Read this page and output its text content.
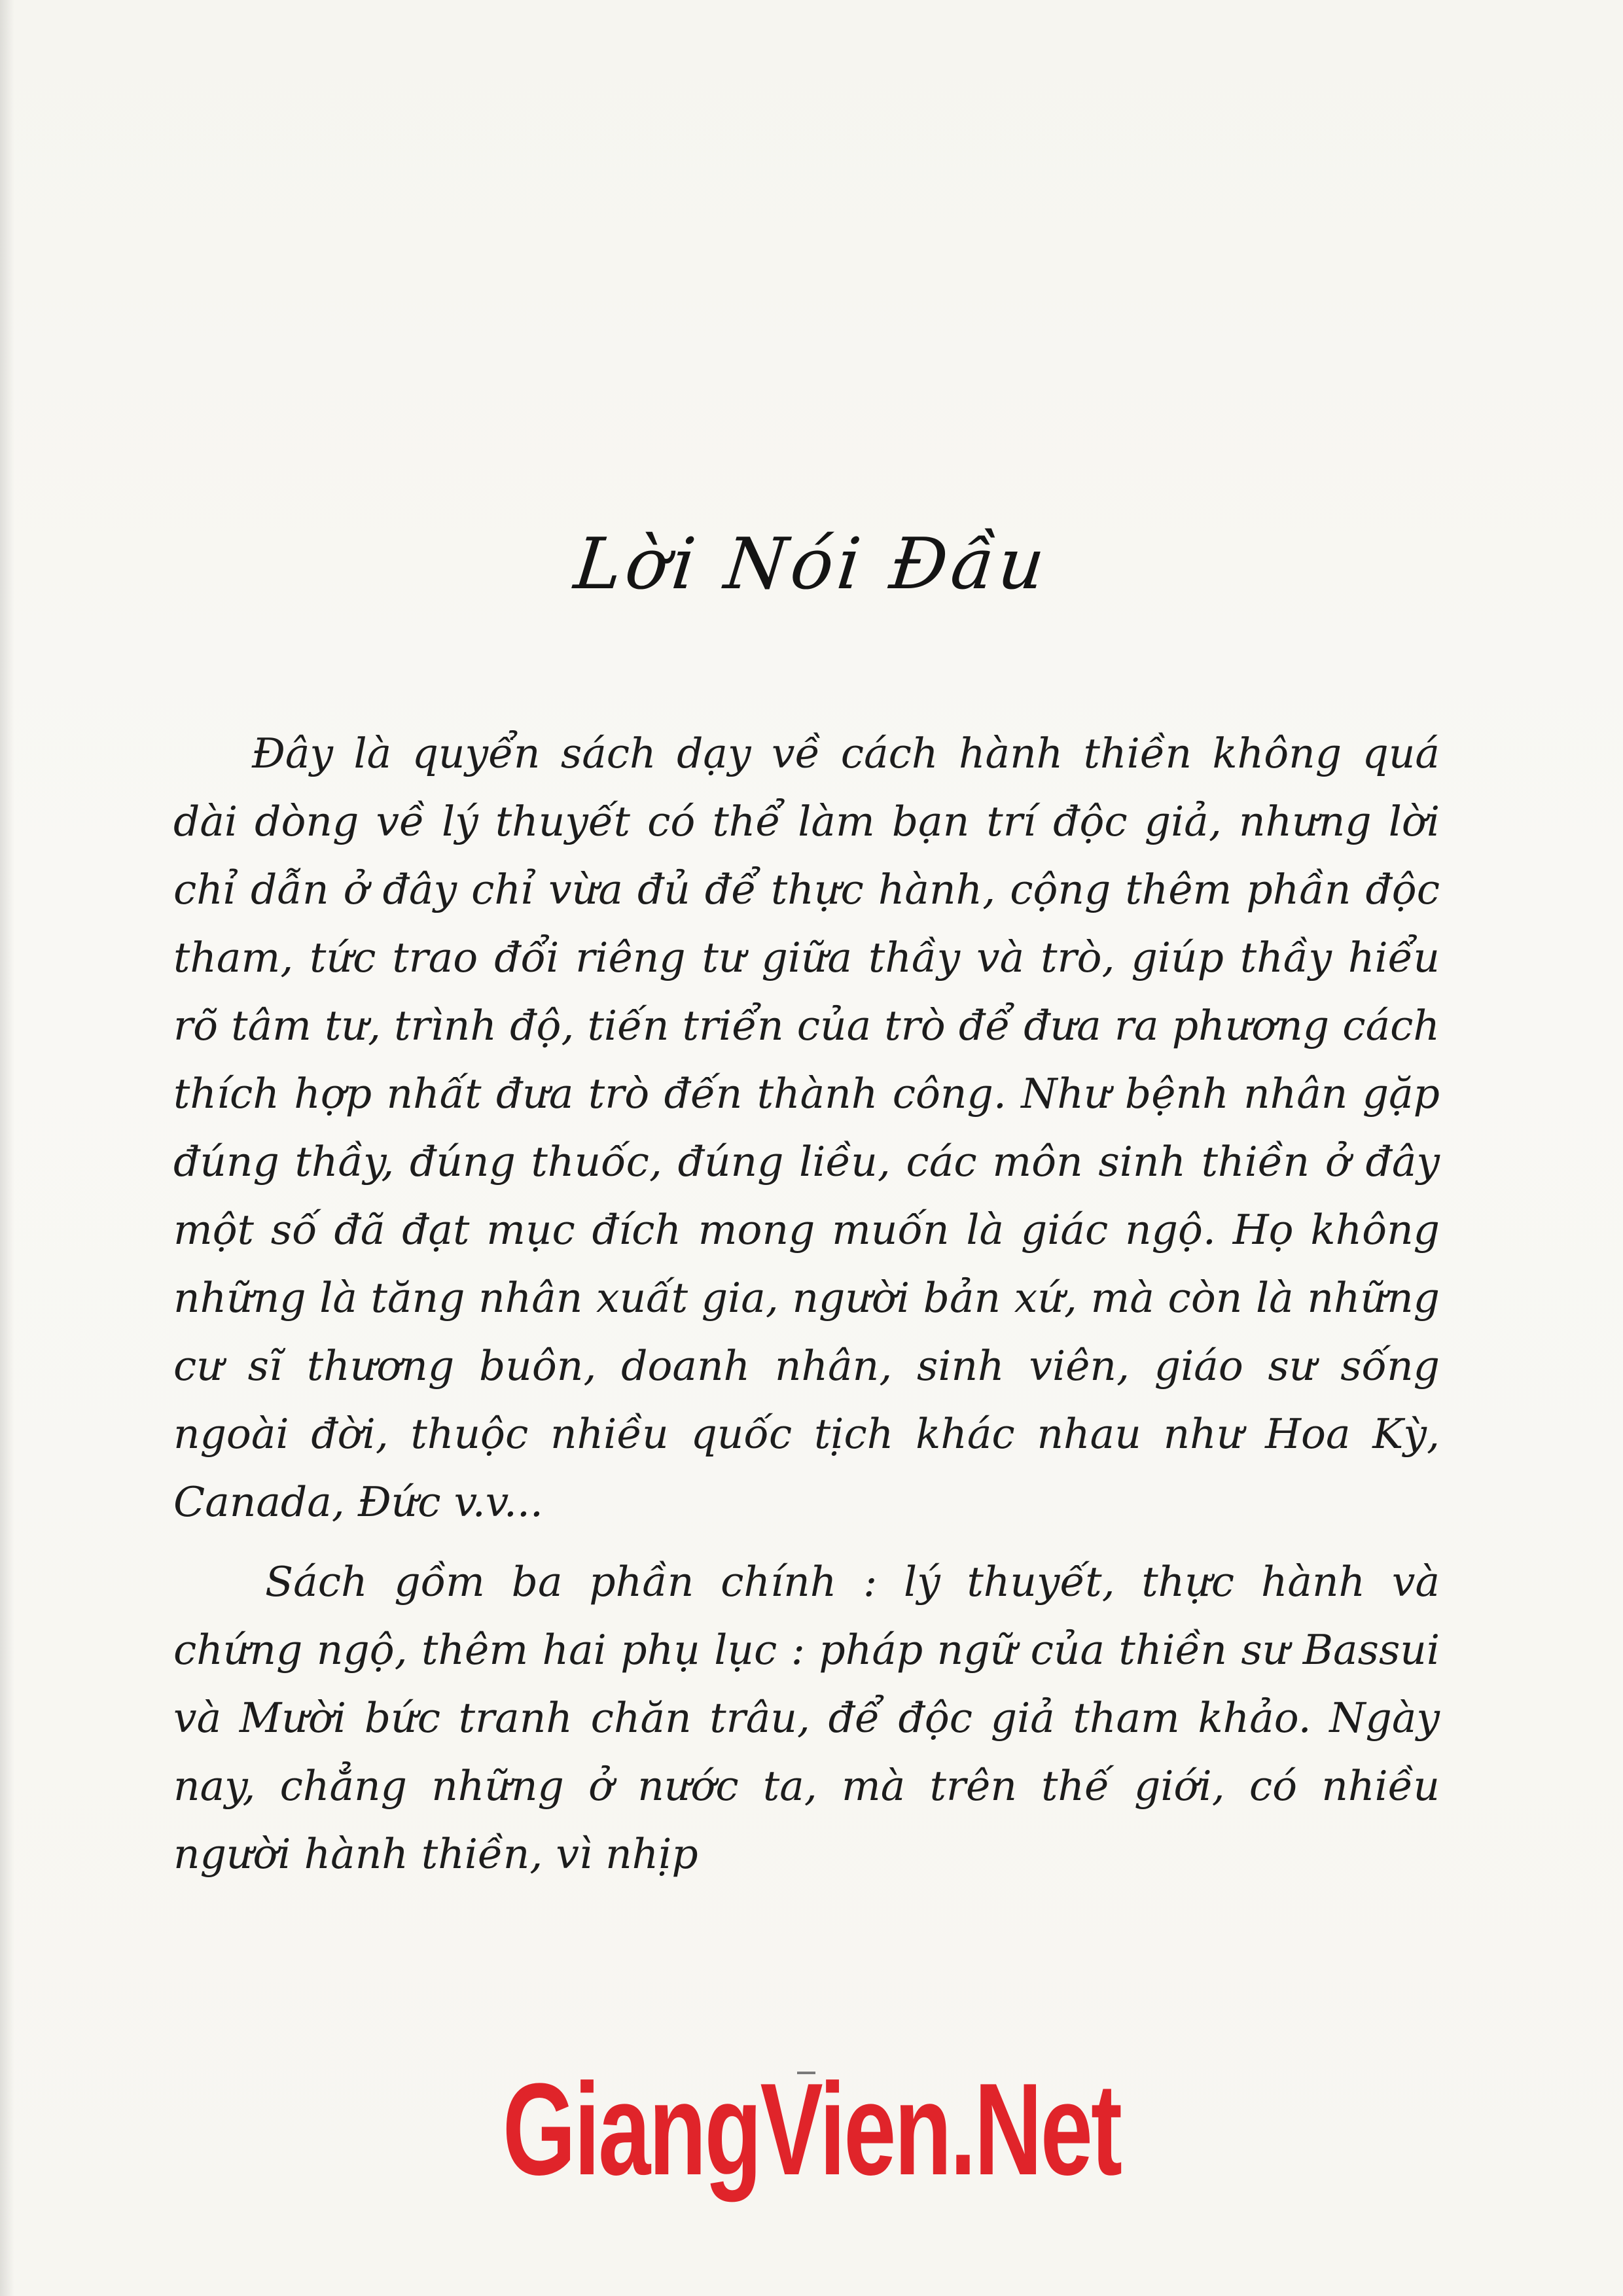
Lời Nói Đầu

Đây là quyển sách dạy về cách hành thiền không quá dài dòng về lý thuyết có thể làm bạn trí độc giả, nhưng lời chỉ dẫn ở đây chỉ vừa đủ để thực hành, cộng thêm phần độc tham, tức trao đổi riêng tư giữa thầy và trò, giúp thầy hiểu rõ tâm tư, trình độ, tiến triển của trò để đưa ra phương cách thích hợp nhất đưa trò đến thành công. Như bệnh nhân gặp đúng thầy, đúng thuốc, đúng liều, các môn sinh thiền ở đây một số đã đạt mục đích mong muốn là giác ngộ. Họ không những là tăng nhân xuất gia, người bản xứ, mà còn là những cư sĩ thương buôn, doanh nhân, sinh viên, giáo sư sống ngoài đời, thuộc nhiều quốc tịch khác nhau như Hoa Kỳ, Canada, Đức v.v...

Sách gồm ba phần chính : lý thuyết, thực hành và chứng ngộ, thêm hai phụ lục : pháp ngữ của thiền sư Bassui và Mười bức tranh chăn trâu, để độc giả tham khảo. Ngày nay, chẳng những ở nước ta, mà trên thế giới, có nhiều người hành thiền, vì nhịp

GiangVien.Net
